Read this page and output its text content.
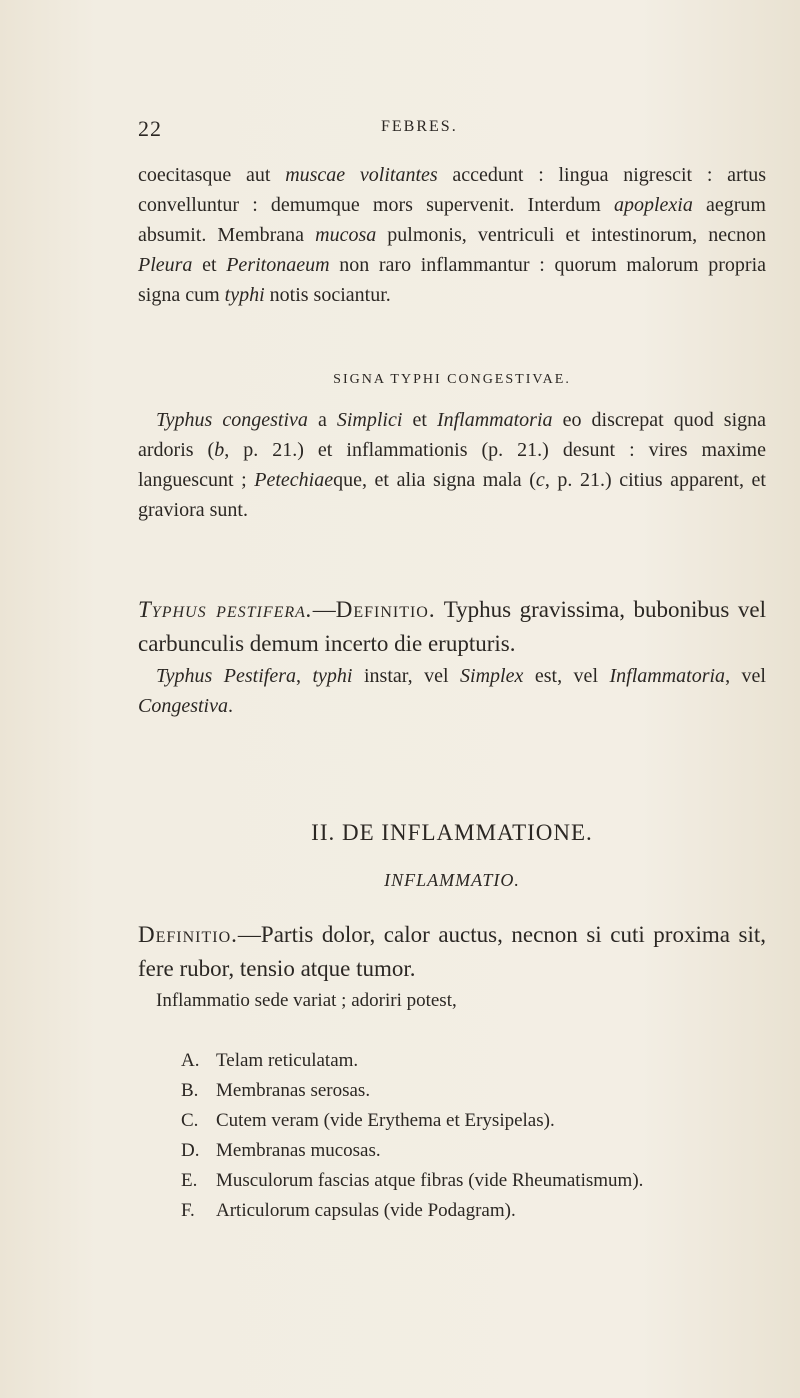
22	FEBRES.

coecitasque aut muscae volitantes accedunt : lingua nigrescit : artus convelluntur : demumque mors supervenit. Interdum apoplexia aegrum absumit. Membrana mucosa pulmonis, ventriculi et intestinorum, necnon Pleura et Peritonaeum non raro inflammantur : quorum malorum propria signa cum typhi notis sociantur.

SIGNA TYPHI CONGESTIVAE.

Typhus congestiva a Simplici et Inflammatoria eo discrepat quod signa ardoris (b, p. 21.) et inflammationis (p. 21.) desunt : vires maxime languescunt ; Petechiaeque, et alia signa mala (c, p. 21.) citius apparent, et graviora sunt.

Typhus pestifera.—Definitio. Typhus gravissima, bubonibus vel carbunculis demum incerto die erupturis.

Typhus Pestifera, typhi instar, vel Simplex est, vel Inflammatoria, vel Congestiva.

II. DE INFLAMMATIONE.
INFLAMMATIO.

Definitio.—Partis dolor, calor auctus, necnon si cuti proxima sit, fere rubor, tensio atque tumor.

Inflammatio sede variat ; adoriri potest,

A. Telam reticulatam.
B. Membranas serosas.
C. Cutem veram (vide Erythema et Erysipelas).
D. Membranas mucosas.
E. Musculorum fascias atque fibras (vide Rheumatismum).
F. Articulorum capsulas (vide Podagram).
